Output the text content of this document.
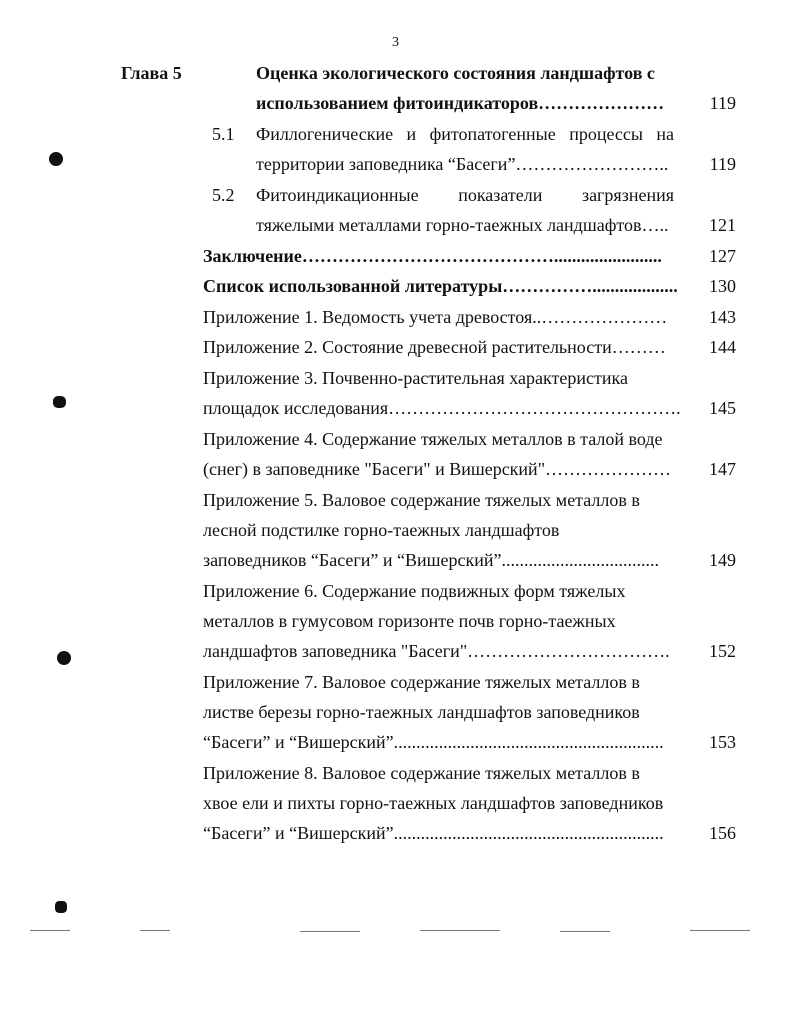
3
Глава 5	Оценка экологического состояния ландшафтов с
использованием фитоиндикаторов…………………	119
5.1 Филлогенические и фитопатогенные процессы на
территории заповедника “Басеги”……………………..	119
5.2 Фитоиндикационные показатели загрязнения
тяжелыми металлами горно-таежных ландшафтов…..	121
Заключение……………………………………........................	127
Список использованной литературы……………...................	130
Приложение 1. Ведомость учета древостоя..…………………	143
Приложение 2. Состояние древесной растительности………	144
Приложение 3. Почвенно-растительная характеристика
площадок исследования………………………………………….	145
Приложение 4. Содержание тяжелых металлов в талой воде
(снег) в заповеднике "Басеги" и Вишерский"…………………	147
Приложение 5. Валовое содержание тяжелых металлов в
лесной подстилке горно-таежных ландшафтов
заповедников “Басеги” и “Вишерский”...................................	149
Приложение 6. Содержание подвижных форм тяжелых
металлов в гумусовом горизонте почв горно-таежных
ландшафтов заповедника "Басеги"…………………………….	152
Приложение 7. Валовое содержание тяжелых металлов в
листве березы горно-таежных ландшафтов заповедников
“Басеги” и “Вишерский”............................................................	153
Приложение 8. Валовое содержание тяжелых металлов в
хвое ели и пихты горно-таежных ландшафтов заповедников
“Басеги” и “Вишерский”............................................................	156
